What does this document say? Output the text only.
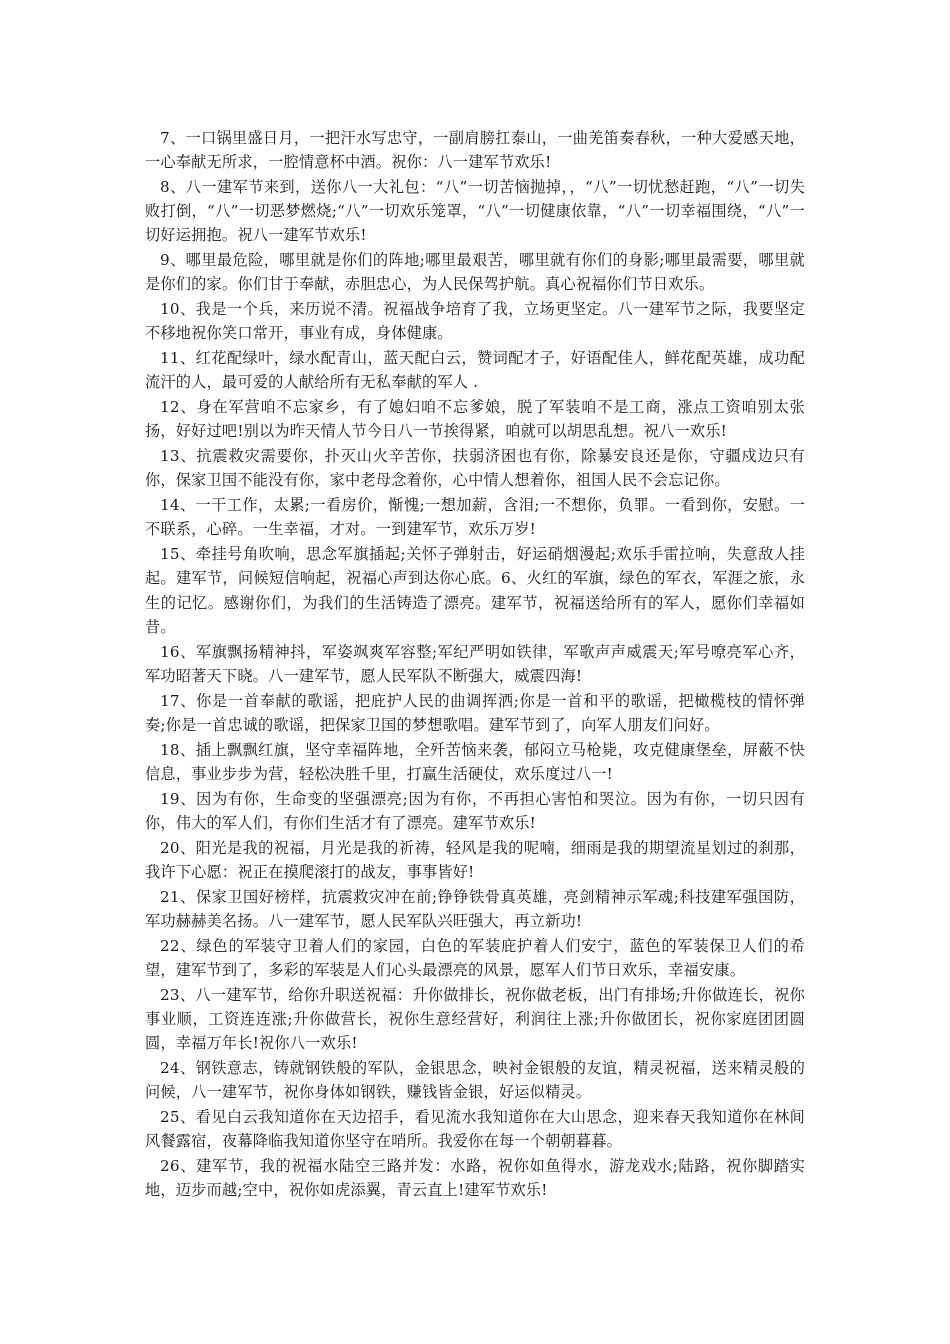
7、一口锅里盛日月，一把汗水写忠守，一副肩膀扛泰山，一曲羌笛奏春秋，一种大爱感天地，一心奉献无所求，一腔情意杯中酒。祝你：八一建军节欢乐!

8、八一建军节来到，送你八一大礼包：“八”一切苦恼抛掉，，“八”一切忧愁赶跑，“八”一切失败打倒，“八”一切恶梦燃烧;“八”一切欢乐笼罩，“八”一切健康依靠，“八”一切幸福围绕，“八”一切好运拥抱。祝八一建军节欢乐!

9、哪里最危险，哪里就是你们的阵地;哪里最艰苦，哪里就有你们的身影;哪里最需要，哪里就是你们的家。你们甘于奉献，赤胆忠心，为人民保驾护航。真心祝福你们节日欢乐。

10、我是一个兵，来历说不清。祝福战争培育了我，立场更坚定。八一建军节之际，我要坚定不移地祝你笑口常开，事业有成，身体健康。

11、红花配绿叶，绿水配青山，蓝天配白云，赞词配才子，好语配佳人，鲜花配英雄，成功配流汗的人，最可爱的人献给所有无私奉献的军人 .

12、身在军营咱不忘家乡，有了媳妇咱不忘爹娘，脱了军装咱不是工商，涨点工资咱别太张扬，好好过吧!别以为昨天情人节今日八一节挨得紧，咱就可以胡思乱想。祝八一欢乐!

13、抗震救灾需要你，扑灭山火辛苦你，扶弱济困也有你，除暴安良还是你，守疆戍边只有你，保家卫国不能没有你，家中老母念着你，心中情人想着你，祖国人民不会忘记你。

14、一干工作，太累;一看房价，惭愧;一想加薪，含泪;一不想你，负罪。一看到你，安慰。一不联系，心碎。一生幸福，才对。一到建军节，欢乐万岁!

15、牵挂号角吹响，思念军旗插起;关怀子弹射击，好运硝烟漫起;欢乐手雷拉响，失意敌人挂起。建军节，问候短信响起，祝福心声到达你心底。6、火红的军旗，绿色的军衣，军涯之旅，永生的记忆。感谢你们，为我们的生活铸造了漂亮。建军节，祝福送给所有的军人，愿你们幸福如昔。

16、军旗飘扬精神抖，军姿飒爽军容整;军纪严明如铁律，军歌声声威震天;军号嘹亮军心齐，军功昭著天下晓。八一建军节，愿人民军队不断强大，威震四海!

17、你是一首奉献的歌谣，把庇护人民的曲调挥洒;你是一首和平的歌谣，把橄榄枝的情怀弹奏;你是一首忠诚的歌谣，把保家卫国的梦想歌唱。建军节到了，向军人朋友们问好。

18、插上飘飘红旗，坚守幸福阵地，全歼苦恼来袭，郁闷立马枪毙，攻克健康堡垒，屏蔽不快信息，事业步步为营，轻松决胜千里，打赢生活硬仗，欢乐度过八一!

19、因为有你，生命变的坚强漂亮;因为有你，不再担心害怕和哭泣。因为有你，一切只因有你，伟大的军人们，有你们生活才有了漂亮。建军节欢乐!

20、阳光是我的祝福，月光是我的祈祷，轻风是我的呢喃，细雨是我的期望流星划过的刹那，我许下心愿：祝正在摸爬滚打的战友，事事皆好!

21、保家卫国好榜样，抗震救灾冲在前;铮铮铁骨真英雄，亮剑精神示军魂;科技建军强国防，军功赫赫美名扬。八一建军节，愿人民军队兴旺强大，再立新功!

22、绿色的军装守卫着人们的家园，白色的军装庇护着人们安宁，蓝色的军装保卫人们的希望，建军节到了，多彩的军装是人们心头最漂亮的风景，愿军人们节日欢乐，幸福安康。

23、八一建军节，给你升职送祝福：升你做排长，祝你做老板，出门有排场;升你做连长，祝你事业顺，工资连连涨;升你做营长，祝你生意经营好，利润往上涨;升你做团长，祝你家庭团团圆圆，幸福万年长!祝你八一欢乐!

24、钢铁意志，铸就钢铁般的军队，金银思念，映衬金银般的友谊，精灵祝福，送来精灵般的问候，八一建军节，祝你身体如钢铁，赚钱皆金银，好运似精灵。

25、看见白云我知道你在天边招手，看见流水我知道你在大山思念，迎来春天我知道你在林间风餐露宿，夜幕降临我知道你坚守在哨所。我爱你在每一个朝朝暮暮。

26、建军节，我的祝福水陆空三路并发：水路，祝你如鱼得水，游龙戏水;陆路，祝你脚踏实地，迈步而越;空中，祝你如虎添翼，青云直上!建军节欢乐!
